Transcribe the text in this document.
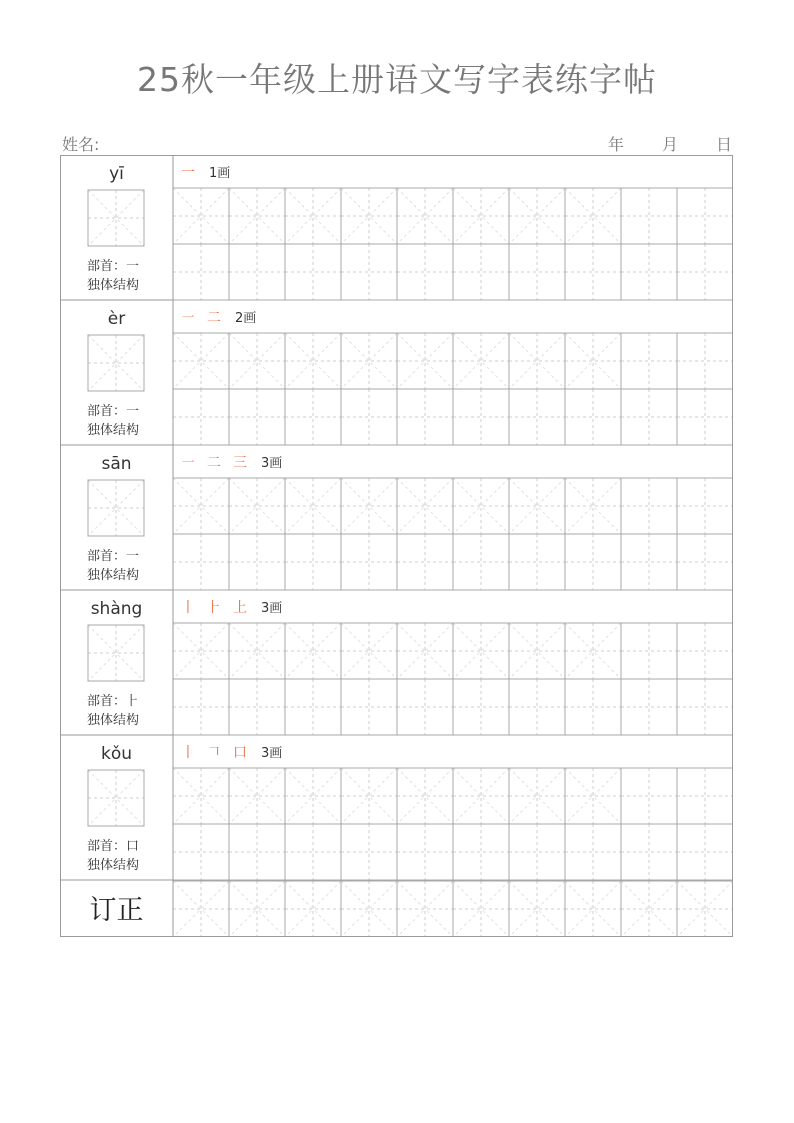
25秋一年级上册语文写字表练字帖
姓名:	年 月 日
yī
部首：一
独体结构
一 1画
èr
部首：一
独体结构
㇐ 二 2画
sān
部首：一
独体结构
㇐ 二 三 3画
shàng
部首：⺊
独体结构
丨 ⺊ 上 3画
kǒu
部首：口
独体结构
丨 𠃍 口 3画
订正
